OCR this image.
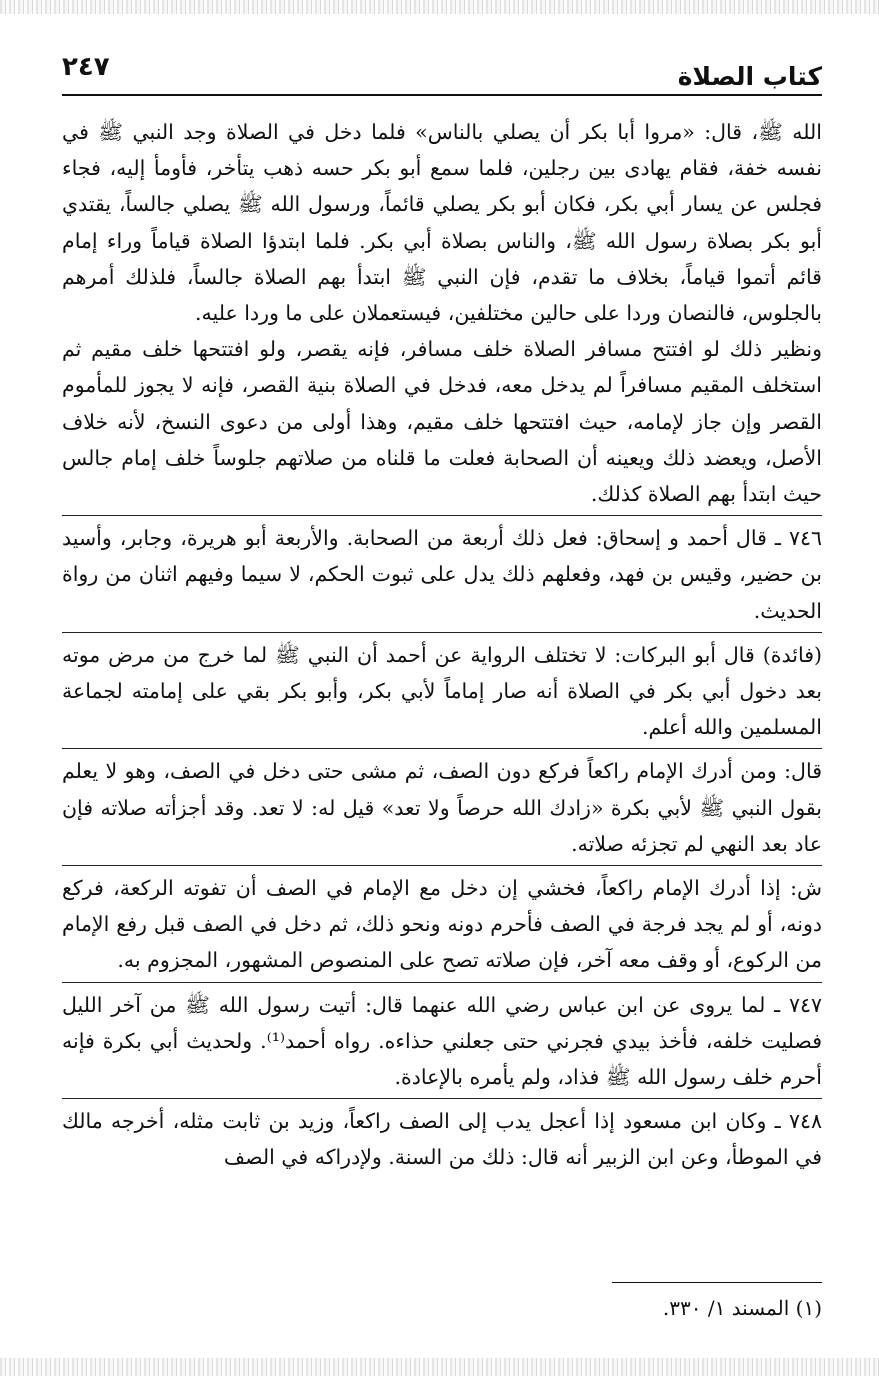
كتاب الصلاة
٢٤٧

الله ﷺ، قال: «مروا أبا بكر أن يصلي بالناس» فلما دخل في الصلاة وجد النبي ﷺ في نفسه خفة، فقام يهادى بين رجلين، فلما سمع أبو بكر حسه ذهب يتأخر، فأومأ إليه، فجاء فجلس عن يسار أبي بكر، فكان أبو بكر يصلي قائماً، ورسول الله ﷺ يصلي جالساً، يقتدي أبو بكر بصلاة رسول الله ﷺ، والناس بصلاة أبي بكر. فلما ابتدؤا الصلاة قياماً وراء إمام قائم أتموا قياماً، بخلاف ما تقدم، فإن النبي ﷺ ابتدأ بهم الصلاة جالساً، فلذلك أمرهم بالجلوس، فالنصان وردا على حالين مختلفين، فيستعملان على ما وردا عليه.

ونظير ذلك لو افتتح مسافر الصلاة خلف مسافر، فإنه يقصر، ولو افتتحها خلف مقيم ثم استخلف المقيم مسافراً لم يدخل معه، فدخل في الصلاة بنية القصر، فإنه لا يجوز للمأموم القصر وإن جاز لإمامه، حيث افتتحها خلف مقيم، وهذا أولى من دعوى النسخ، لأنه خلاف الأصل، ويعضد ذلك ويعينه أن الصحابة فعلت ما قلناه من صلاتهم جلوساً خلف إمام جالس حيث ابتدأ بهم الصلاة كذلك.

٧٤٦ ـ قال أحمد و إسحاق: فعل ذلك أربعة من الصحابة. والأربعة أبو هريرة، وجابر، وأسيد بن حضير، وقيس بن فهد، وفعلهم ذلك يدل على ثبوت الحكم، لا سيما وفيهم اثنان من رواة الحديث.

(فائدة) قال أبو البركات: لا تختلف الرواية عن أحمد أن النبي ﷺ لما خرج من مرض موته بعد دخول أبي بكر في الصلاة أنه صار إماماً لأبي بكر، وأبو بكر بقي على إمامته لجماعة المسلمين والله أعلم.

قال: ومن أدرك الإمام راكعاً فركع دون الصف، ثم مشى حتى دخل في الصف، وهو لا يعلم بقول النبي ﷺ لأبي بكرة «زادك الله حرصاً ولا تعد» قيل له: لا تعد. وقد أجزأته صلاته فإن عاد بعد النهي لم تجزئه صلاته.

ش: إذا أدرك الإمام راكعاً، فخشي إن دخل مع الإمام في الصف أن تفوته الركعة، فركع دونه، أو لم يجد فرجة في الصف فأحرم دونه ونحو ذلك، ثم دخل في الصف قبل رفع الإمام من الركوع، أو وقف معه آخر، فإن صلاته تصح على المنصوص المشهور، المجزوم به.

٧٤٧ ـ لما يروى عن ابن عباس رضي الله عنهما قال: أتيت رسول الله ﷺ من آخر الليل فصليت خلفه، فأخذ بيدي فجرني حتى جعلني حذاءه. رواه أحمد⁽¹⁾. ولحديث أبي بكرة فإنه أحرم خلف رسول الله ﷺ فذاد، ولم يأمره بالإعادة.

٧٤٨ ـ وكان ابن مسعود إذا أعجل يدب إلى الصف راكعاً، وزيد بن ثابت مثله، أخرجه مالك في الموطأ، وعن ابن الزبير أنه قال: ذلك من السنة. ولإدراكه في الصف

(١) المسند ١/ ٣٣٠.
